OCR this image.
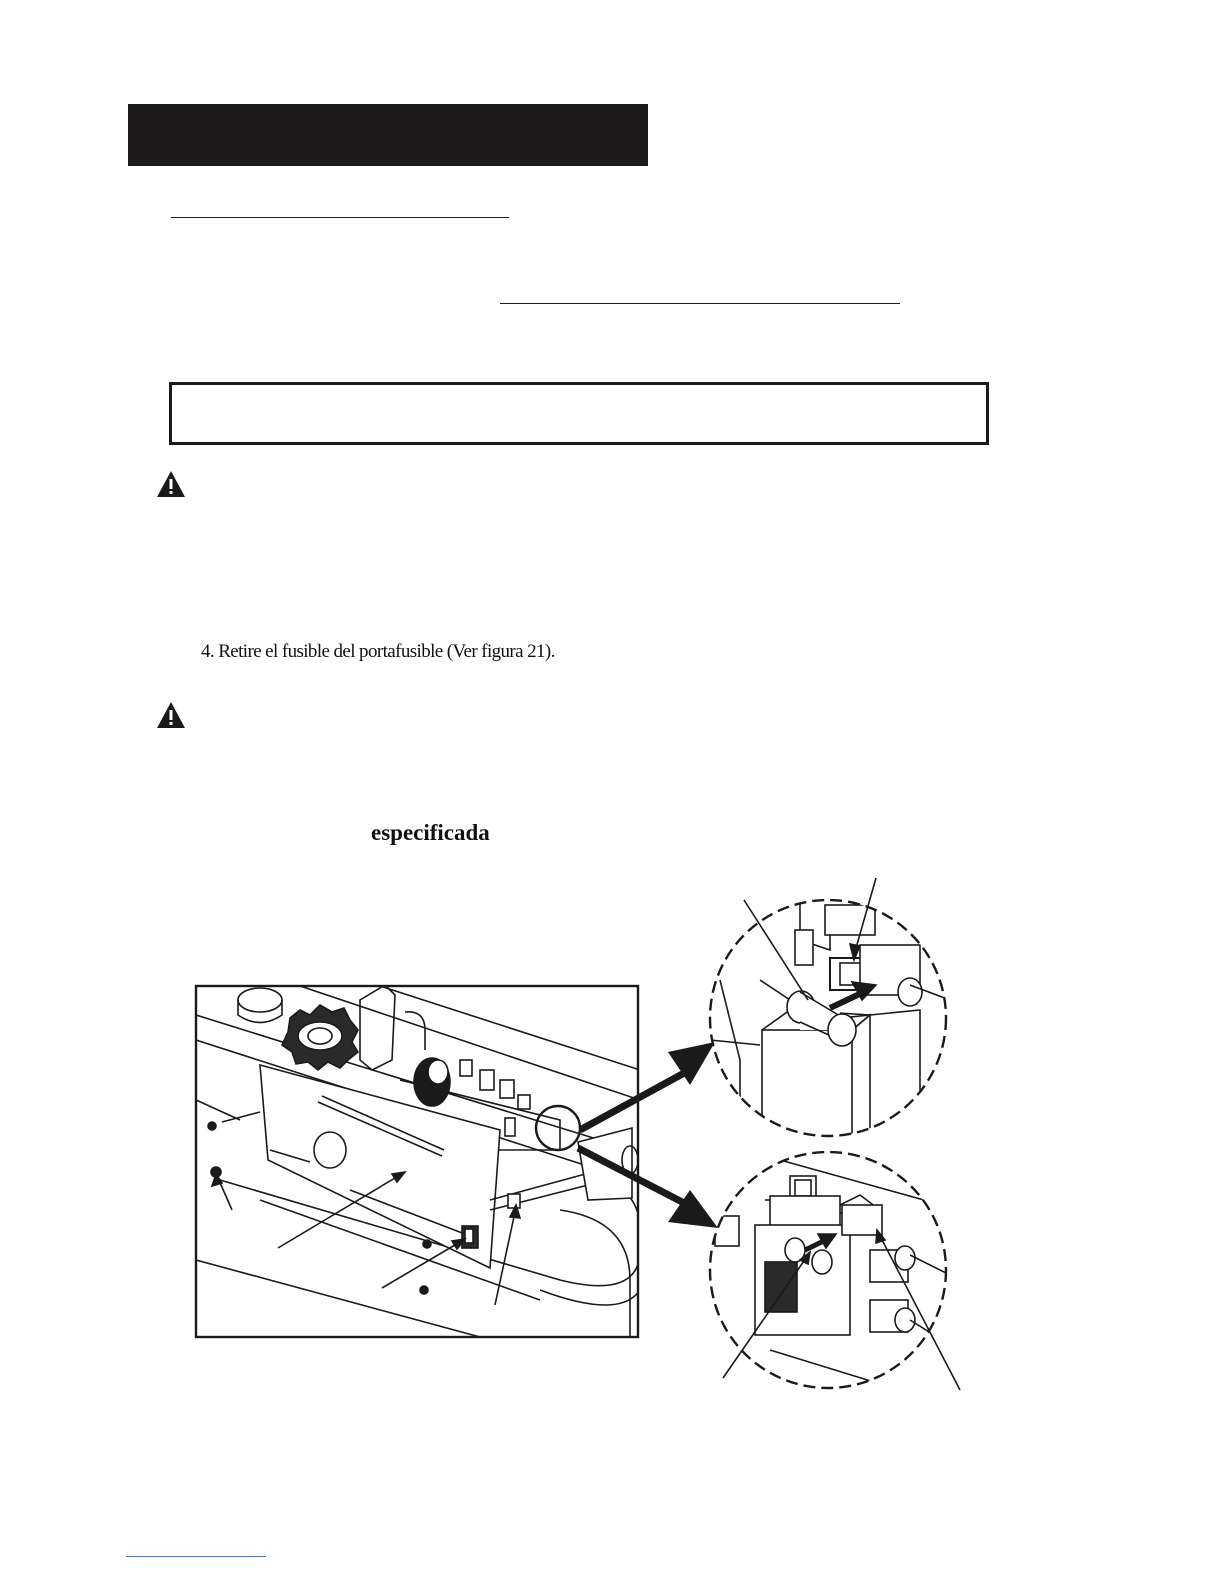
4. Retire el fusible del portafusible (Ver figura 21).
especificada
